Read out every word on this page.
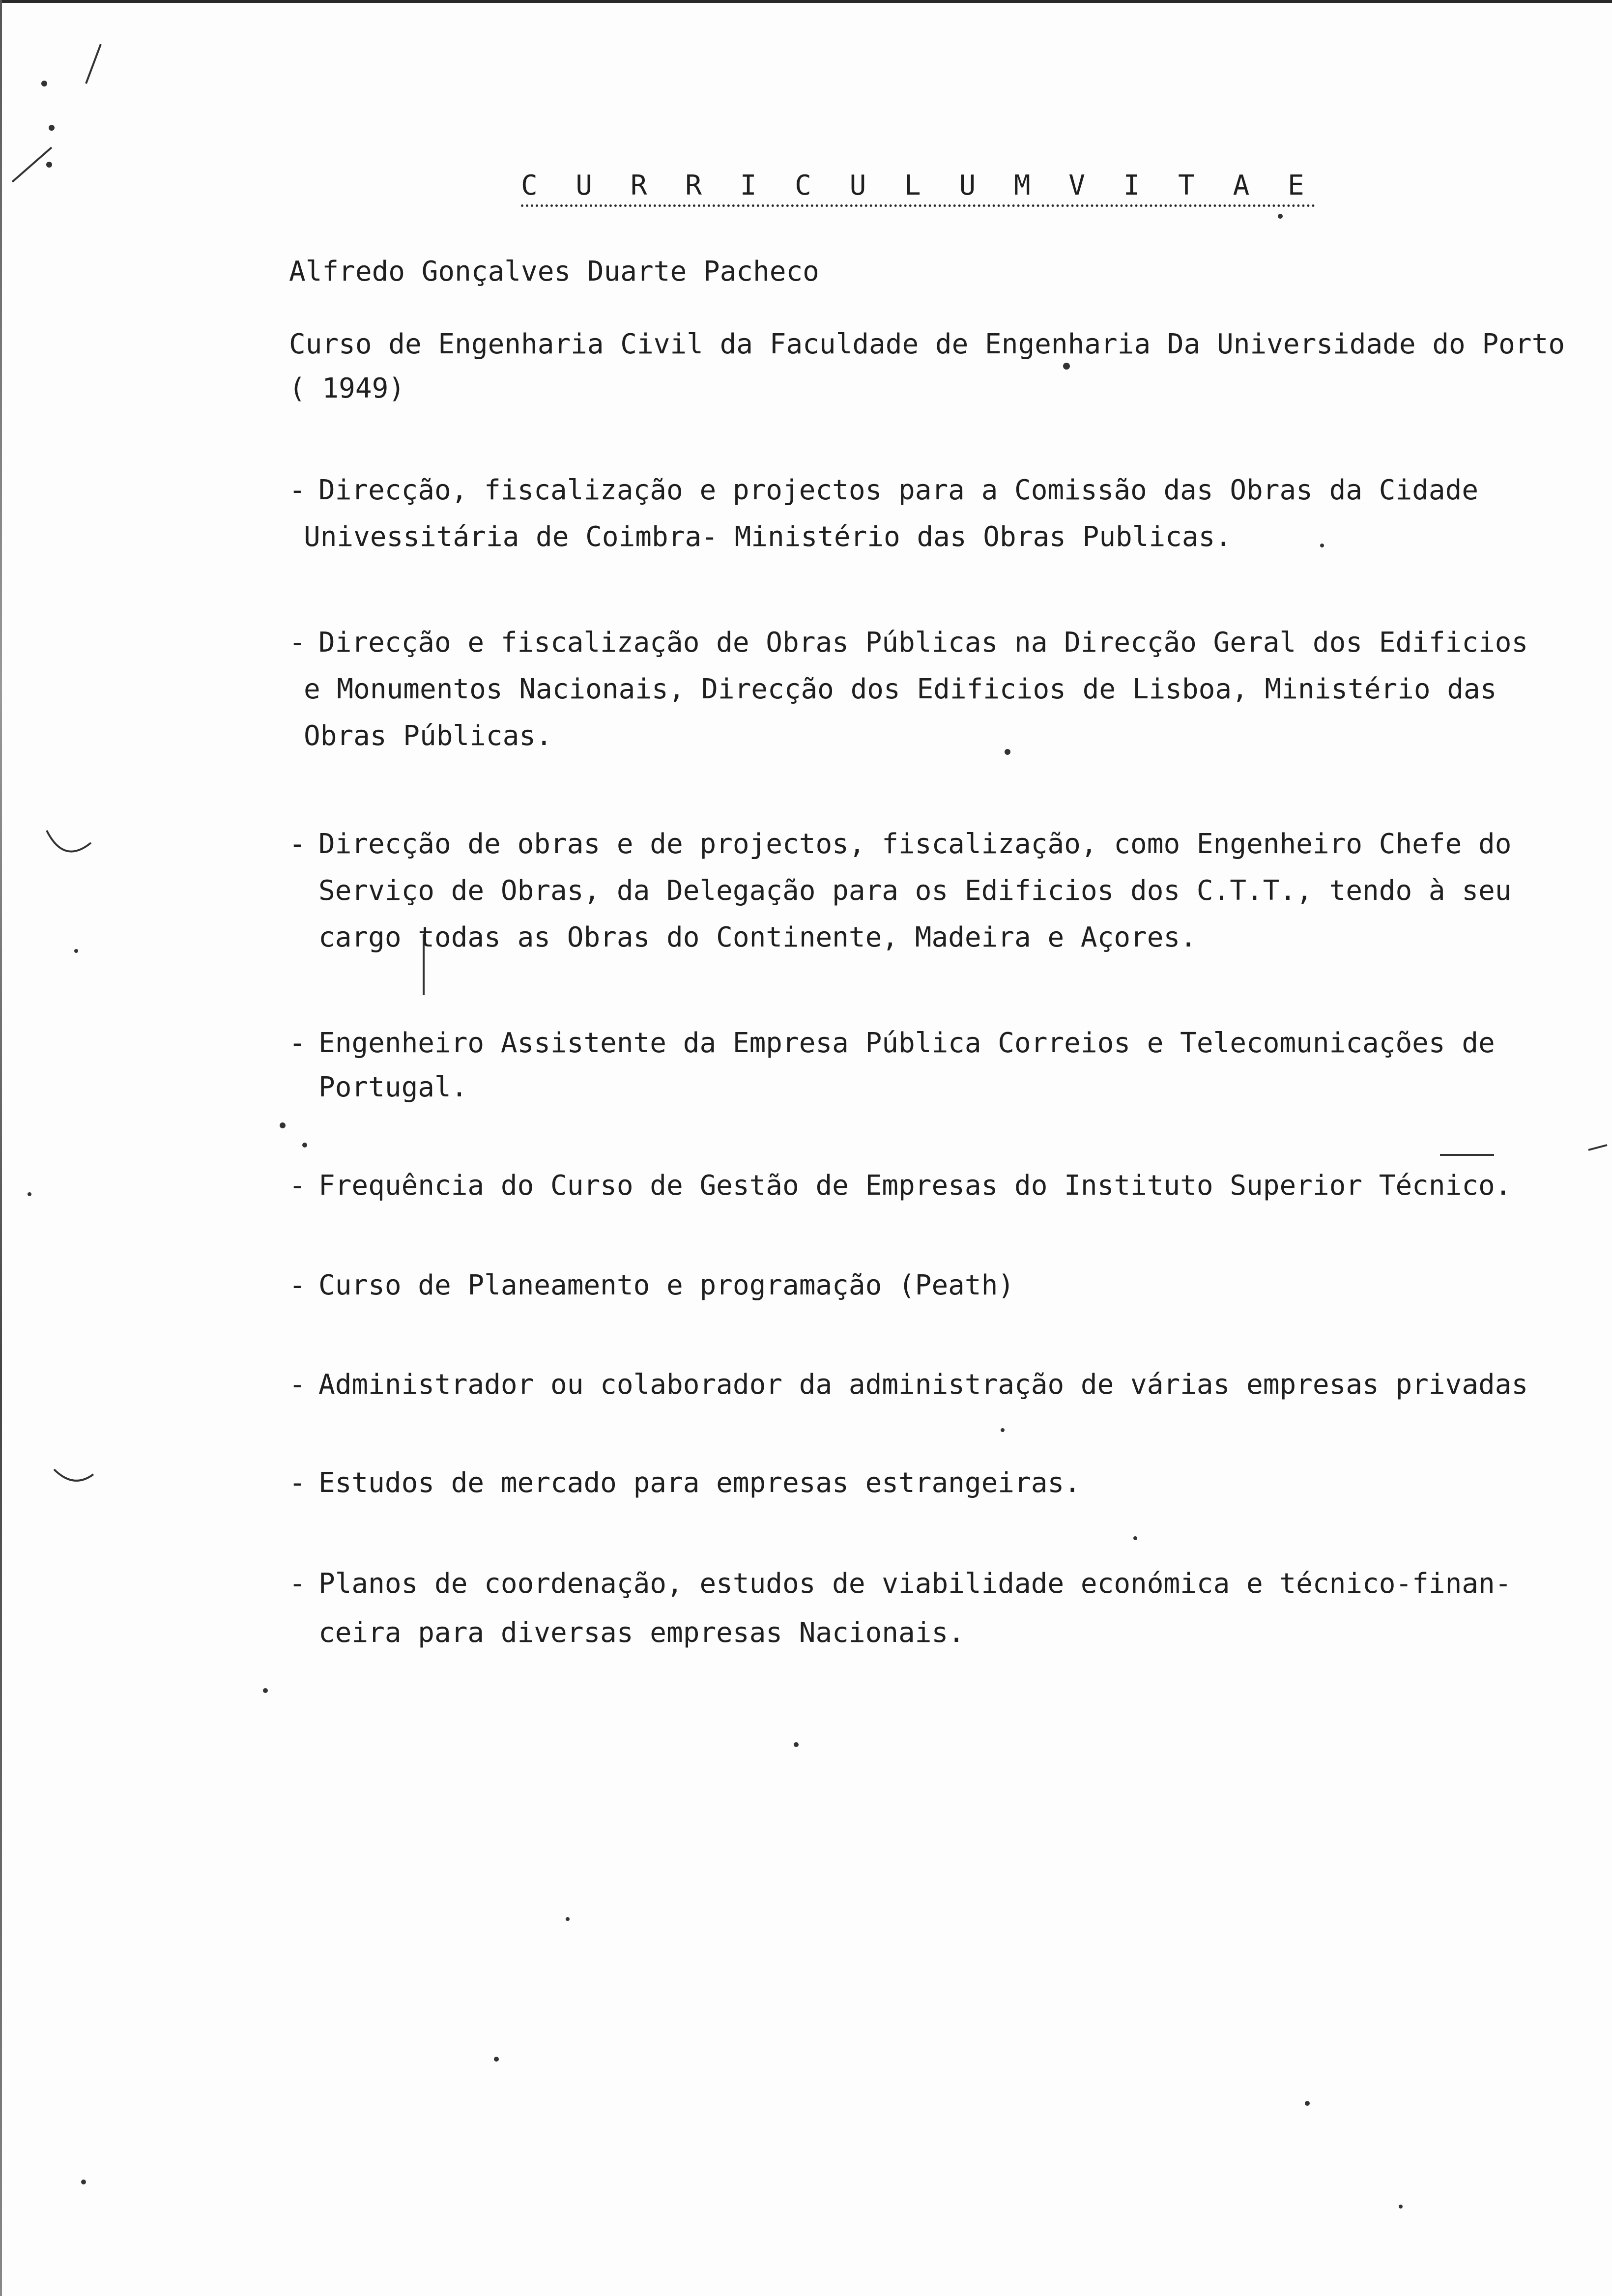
C U R R I C U L U M V I T A E
Alfredo Gonçalves Duarte Pacheco
Curso de Engenharia Civil da Faculdade de Engenharia Da Universidade do Porto
( 1949)
- Direcção, fiscalização e projectos para a Comissão das Obras da Cidade
Univessitária de Coimbra- Ministério das Obras Publicas.
- Direcção e fiscalização de Obras Públicas na Direcção Geral dos Edificios
e Monumentos Nacionais, Direcção dos Edificios de Lisboa, Ministério das
Obras Públicas.
- Direcção de obras e de projectos, fiscalização, como Engenheiro Chefe do
Serviço de Obras, da Delegação para os Edificios dos C.T.T., tendo à seu
cargo todas as Obras do Continente, Madeira e Açores.
- Engenheiro Assistente da Empresa Pública Correios e Telecomunicações de
Portugal.
- Frequência do Curso de Gestão de Empresas do Instituto Superior Técnico.
- Curso de Planeamento e programação (Peath)
- Administrador ou colaborador da administração de várias empresas privadas
- Estudos de mercado para empresas estrangeiras.
- Planos de coordenação, estudos de viabilidade económica e técnico-finan-
ceira para diversas empresas Nacionais.
